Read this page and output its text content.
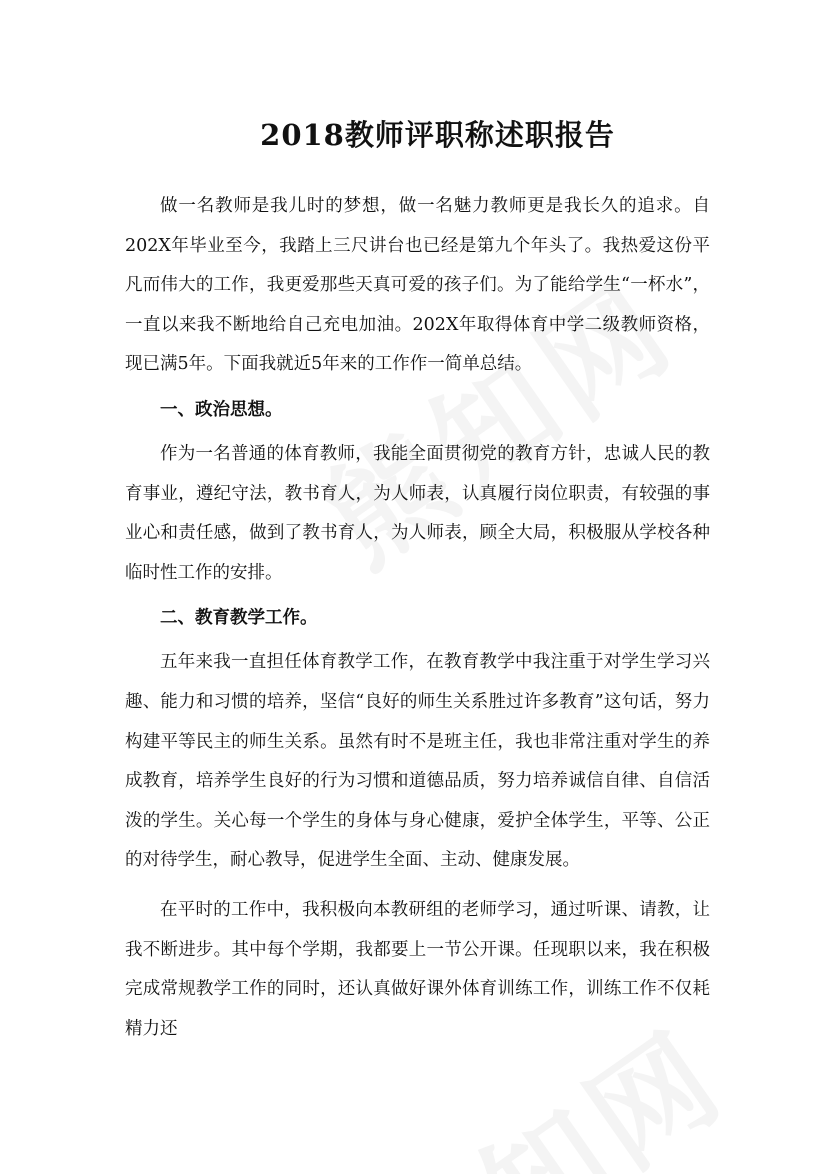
2018教师评职称述职报告

做一名教师是我儿时的梦想，做一名魅力教师更是我长久的追求。自202X年毕业至今，我踏上三尺讲台也已经是第九个年头了。我热爱这份平凡而伟大的工作，我更爱那些天真可爱的孩子们。为了能给学生“一杯水”，一直以来我不断地给自己充电加油。202X年取得体育中学二级教师资格，现已满5年。下面我就近5年来的工作作一简单总结。

一、政治思想。

作为一名普通的体育教师，我能全面贯彻党的教育方针，忠诚人民的教育事业，遵纪守法，教书育人，为人师表，认真履行岗位职责，有较强的事业心和责任感，做到了教书育人，为人师表，顾全大局，积极服从学校各种临时性工作的安排。

二、教育教学工作。

五年来我一直担任体育教学工作，在教育教学中我注重于对学生学习兴趣、能力和习惯的培养，坚信“良好的师生关系胜过许多教育”这句话，努力构建平等民主的师生关系。虽然有时不是班主任，我也非常注重对学生的养成教育，培养学生良好的行为习惯和道德品质，努力培养诚信自律、自信活泼的学生。关心每一个学生的身体与身心健康，爱护全体学生，平等、公正的对待学生，耐心教导，促进学生全面、主动、健康发展。

在平时的工作中，我积极向本教研组的老师学习，通过听课、请教，让我不断进步。其中每个学期，我都要上一节公开课。任现职以来，我在积极完成常规教学工作的同时，还认真做好课外体育训练工作，训练工作不仅耗精力还
